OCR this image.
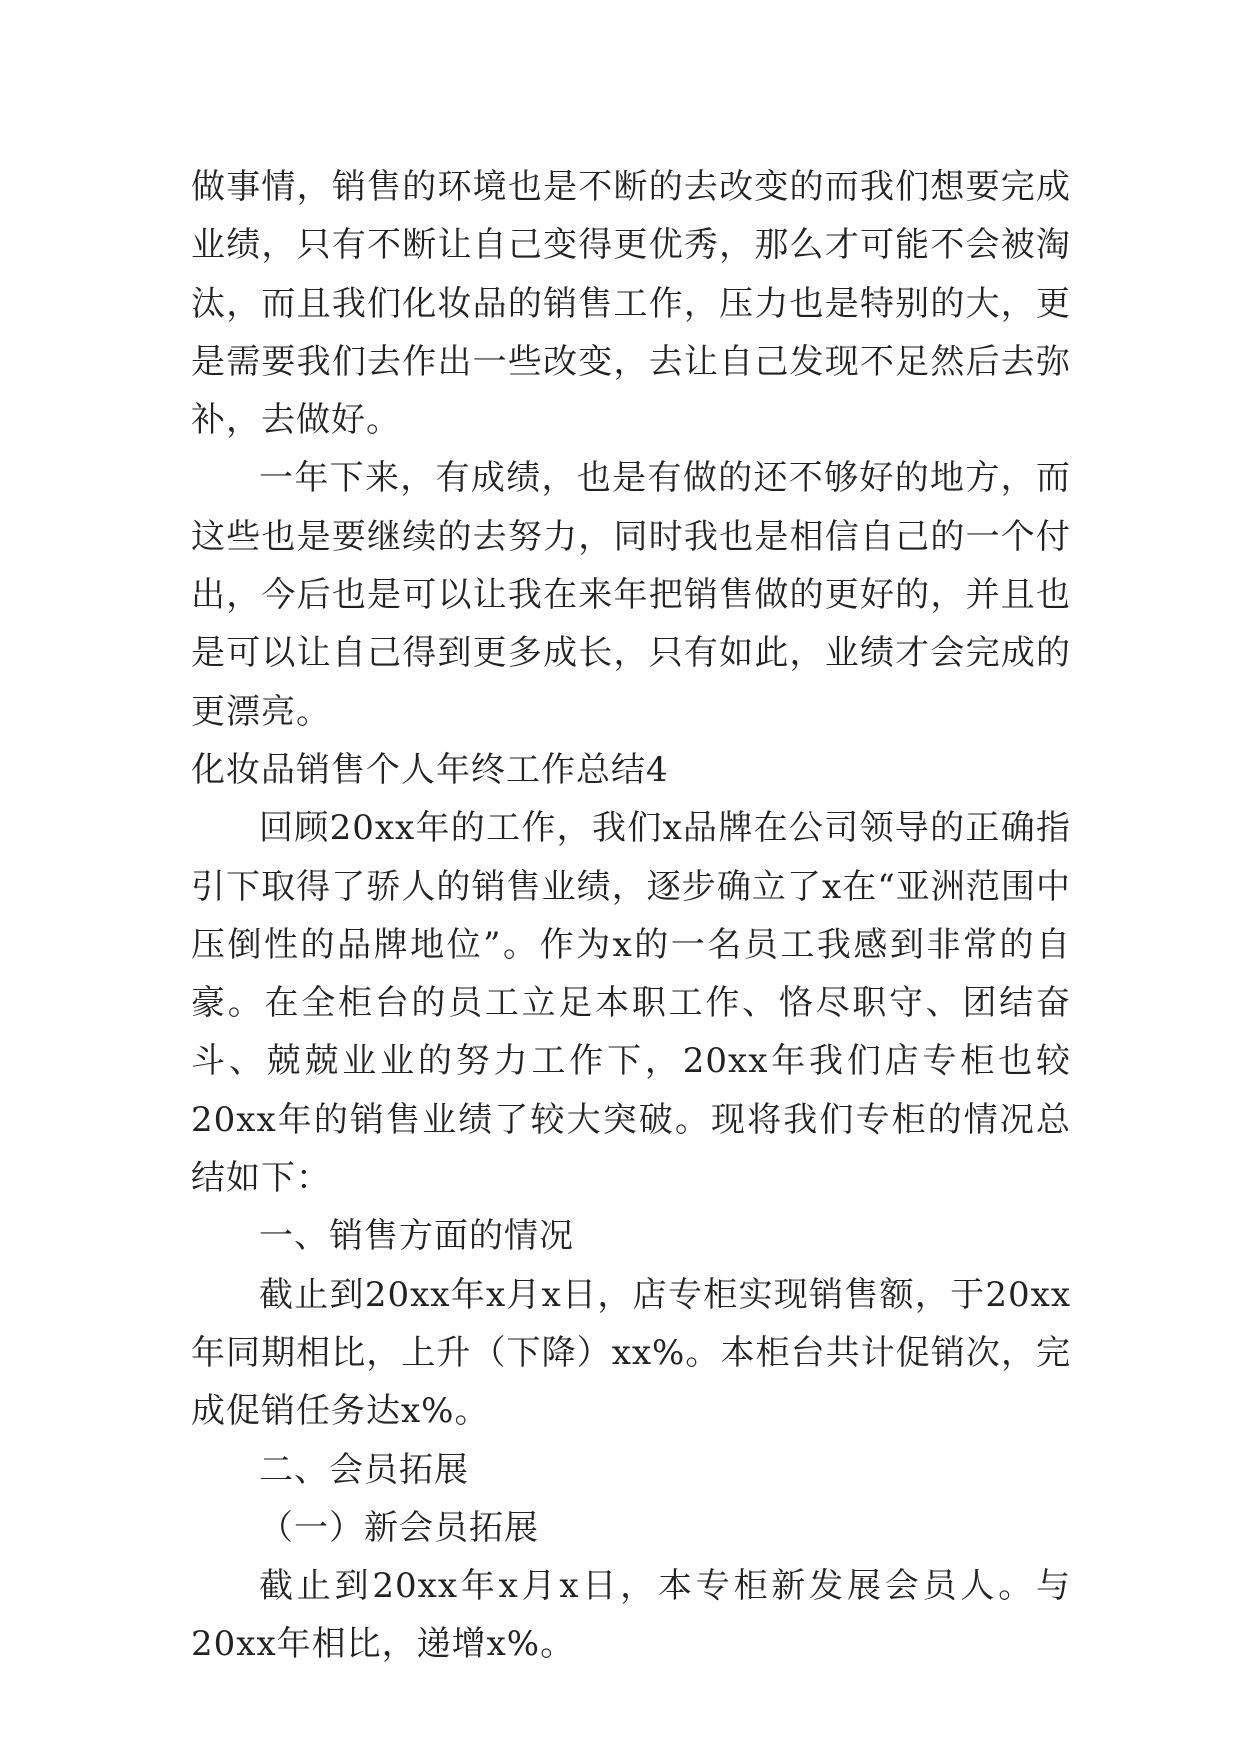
做事情，销售的环境也是不断的去改变的而我们想要完成业绩，只有不断让自己变得更优秀，那么才可能不会被淘汰，而且我们化妆品的销售工作，压力也是特别的大，更是需要我们去作出一些改变，去让自己发现不足然后去弥补，去做好。

一年下来，有成绩，也是有做的还不够好的地方，而这些也是要继续的去努力，同时我也是相信自己的一个付出，今后也是可以让我在来年把销售做的更好的，并且也是可以让自己得到更多成长，只有如此，业绩才会完成的更漂亮。

化妆品销售个人年终工作总结4

回顾20xx年的工作，我们x品牌在公司领导的正确指引下取得了骄人的销售业绩，逐步确立了x在“亚洲范围中压倒性的品牌地位”。作为x的一名员工我感到非常的自豪。在全柜台的员工立足本职工作、恪尽职守、团结奋斗、兢兢业业的努力工作下，20xx年我们店专柜也较20xx年的销售业绩了较大突破。现将我们专柜的情况总结如下：

一、销售方面的情况

截止到20xx年x月x日，店专柜实现销售额，于20xx年同期相比，上升（下降）xx%。本柜台共计促销次，完成促销任务达x%。

二、会员拓展

（一）新会员拓展

截止到20xx年x月x日，本专柜新发展会员人。与20xx年相比，递增x%。
